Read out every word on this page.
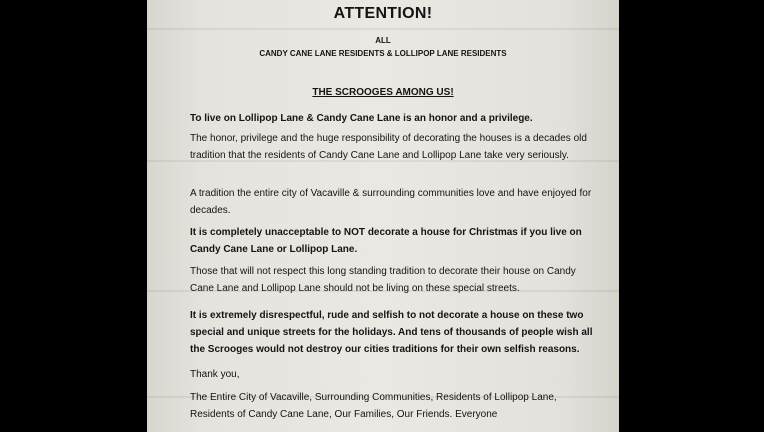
ATTENTION!
ALL
CANDY CANE LANE RESIDENTS & LOLLIPOP LANE RESIDENTS
THE SCROOGES AMONG US!

To live on Lollipop Lane & Candy Cane Lane is an honor and a privilege.

The honor, privilege and the huge responsibility of decorating the houses is a decades old tradition that the residents of Candy Cane Lane and Lollipop Lane take very seriously.

A tradition the entire city of Vacaville & surrounding communities love and have enjoyed for decades.

It is completely unacceptable to NOT decorate a house for Christmas if you live on Candy Cane Lane or Lollipop Lane.

Those that will not respect this long standing tradition to decorate their house on Candy Cane Lane and Lollipop Lane should not be living on these special streets.

It is extremely disrespectful, rude and selfish to not decorate a house on these two special and unique streets for the holidays. And tens of thousands of people wish all the Scrooges would not destroy our cities traditions for their own selfish reasons.

Thank you,

The Entire City of Vacaville, Surrounding Communities, Residents of Lollipop Lane, Residents of Candy Cane Lane, Our Families, Our Friends. Everyone
